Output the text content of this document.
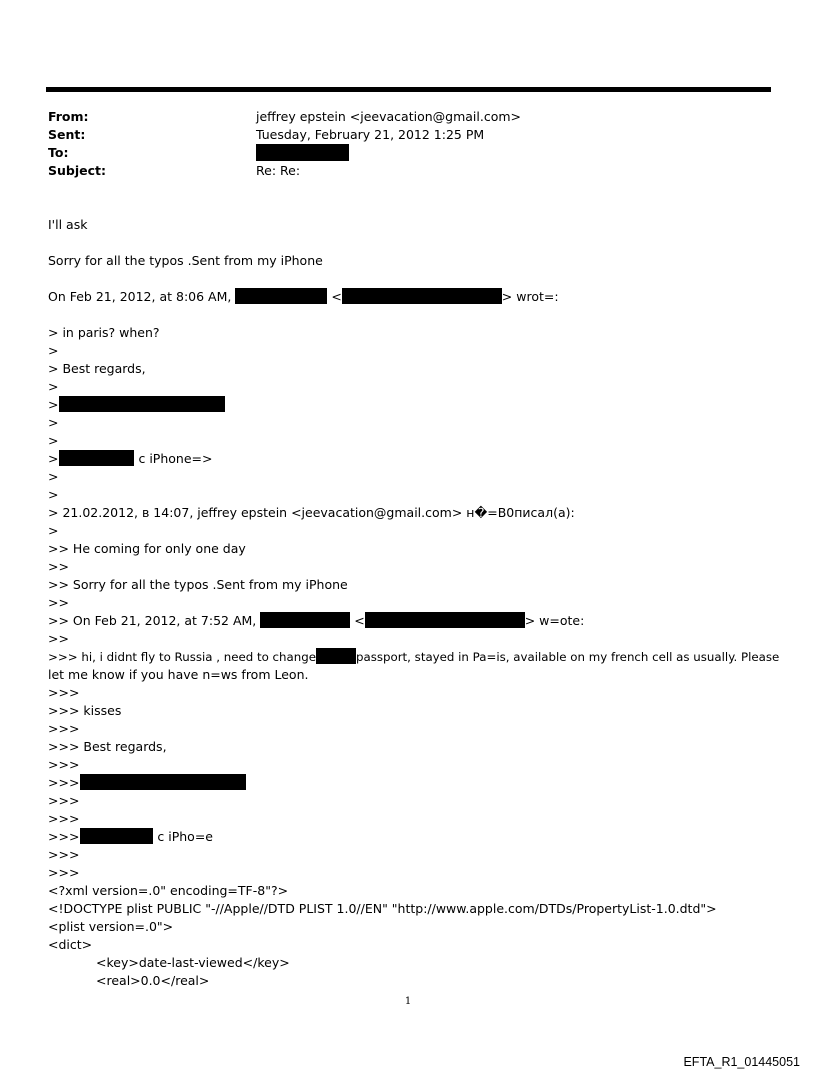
From:	jeffrey epstein <jeevacation@gmail.com>
Sent:	Tuesday, February 21, 2012 1:25 PM
To:
Subject:	Re: Re:
I'll ask
Sorry for all the typos .Sent from my iPhone
On Feb 21, 2012, at 8:06 AM,	<	> wrot=:
> in paris? when?
>
> Best regards,
>
>
>
>
>	c iPhone=>
>
>
> 21.02.2012, в 14:07, jeffrey epstein <jeevacation@gmail.com> н�=B0писал(а):
>
>> He coming for only one day
>>
>> Sorry for all the typos .Sent from my iPhone
>>
>> On Feb 21, 2012, at 7:52 AM,	<	> w=ote:
>>
>>> hi, i didnt fly to Russia , need to change	passport, stayed in Pa=is, available on my french cell as usually. Please
let me know if you have n=ws from Leon.
>>>
>>> kisses
>>>
>>> Best regards,
>>>
>>>
>>>
>>>
>>>	c iPho=e
>>>
>>>
<?xml version=.0" encoding=TF-8"?>
<!DOCTYPE plist PUBLIC "-//Apple//DTD PLIST 1.0//EN" "http://www.apple.com/DTDs/PropertyList-1.0.dtd">
<plist version=.0">
<dict>
<key>date-last-viewed</key>
<real>0.0</real>
1
EFTA_R1_01445051
